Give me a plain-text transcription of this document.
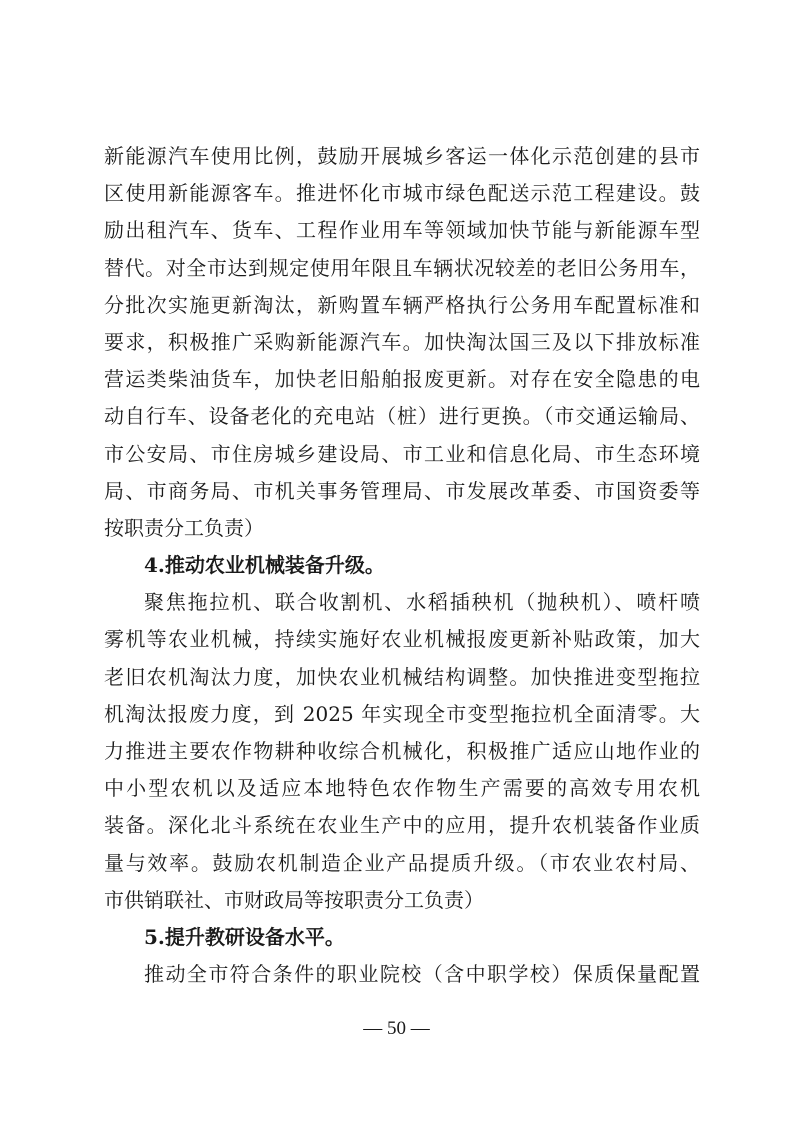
新能源汽车使用比例，鼓励开展城乡客运一体化示范创建的县市
区使用新能源客车。推进怀化市城市绿色配送示范工程建设。鼓
励出租汽车、货车、工程作业用车等领域加快节能与新能源车型
替代。对全市达到规定使用年限且车辆状况较差的老旧公务用车，
分批次实施更新淘汰，新购置车辆严格执行公务用车配置标准和
要求，积极推广采购新能源汽车。加快淘汰国三及以下排放标准
营运类柴油货车，加快老旧船舶报废更新。对存在安全隐患的电
动自行车、设备老化的充电站（桩）进行更换。（市交通运输局、
市公安局、市住房城乡建设局、市工业和信息化局、市生态环境
局、市商务局、市机关事务管理局、市发展改革委、市国资委等
按职责分工负责）
4.推动农业机械装备升级。
聚焦拖拉机、联合收割机、水稻插秧机（抛秧机）、喷杆喷
雾机等农业机械，持续实施好农业机械报废更新补贴政策，加大
老旧农机淘汰力度，加快农业机械结构调整。加快推进变型拖拉
机淘汰报废力度，到 2025 年实现全市变型拖拉机全面清零。大
力推进主要农作物耕种收综合机械化，积极推广适应山地作业的
中小型农机以及适应本地特色农作物生产需要的高效专用农机
装备。深化北斗系统在农业生产中的应用，提升农机装备作业质
量与效率。鼓励农机制造企业产品提质升级。（市农业农村局、
市供销联社、市财政局等按职责分工负责）
5.提升教研设备水平。
推动全市符合条件的职业院校（含中职学校）保质保量配置
— 50 —
